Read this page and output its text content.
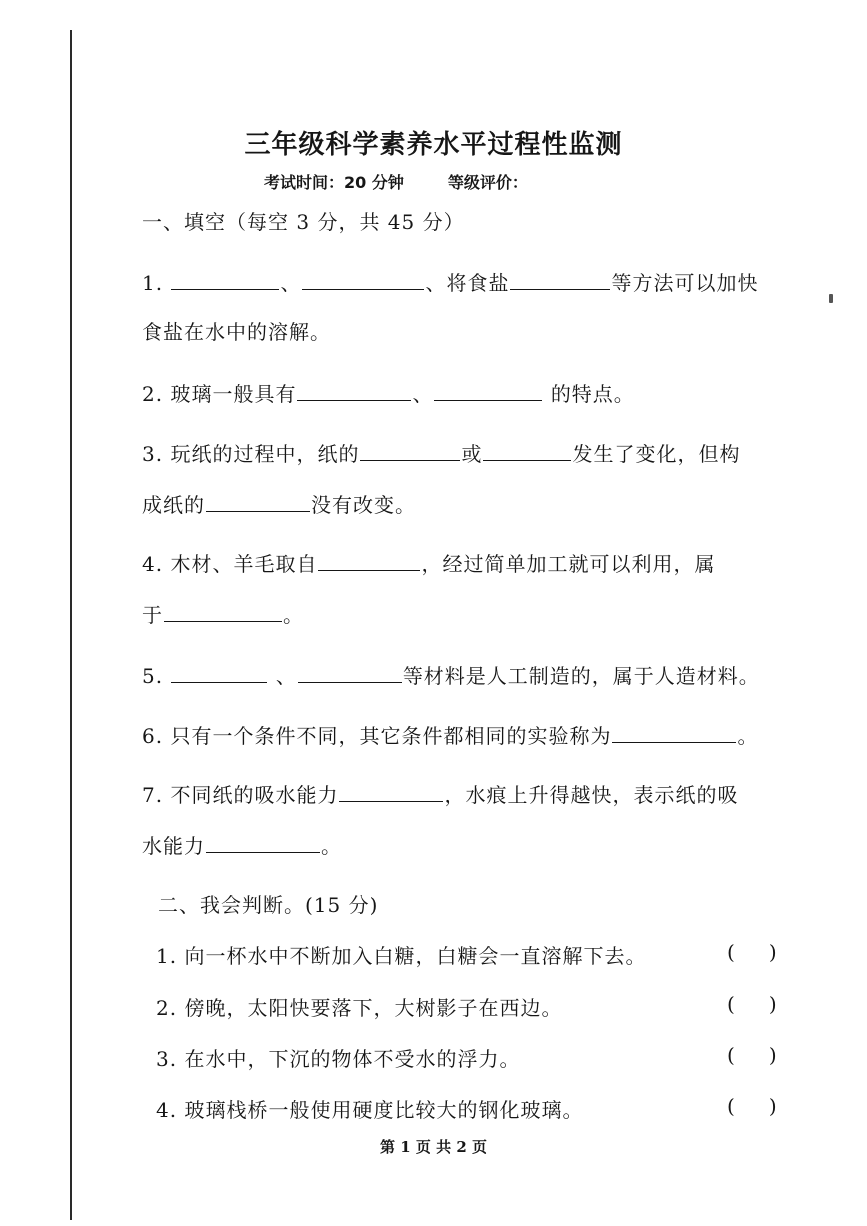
三年级科学素养水平过程性监测
考试时间：20 分钟	等级评价：
一、填空（每空 3 分，共 45 分）
1.	、	、将食盐	等方法可以加快
食盐在水中的溶解。
2. 玻璃一般具有	、	的特点。
3. 玩纸的过程中，纸的	或	发生了变化，但构
成纸的	没有改变。
4. 木材、羊毛取自	，经过简单加工就可以利用，属
于	。
5.	、	等材料是人工制造的，属于人造材料。
6. 只有一个条件不同，其它条件都相同的实验称为	。
7. 不同纸的吸水能力	，水痕上升得越快，表示纸的吸
水能力	。
二、我会判断。(15 分)
1. 向一杯水中不断加入白糖，白糖会一直溶解下去。	( )
2. 傍晚，太阳快要落下，大树影子在西边。	( )
3. 在水中，下沉的物体不受水的浮力。	( )
4. 玻璃栈桥一般使用硬度比较大的钢化玻璃。	( )
第 1 页 共 2 页
